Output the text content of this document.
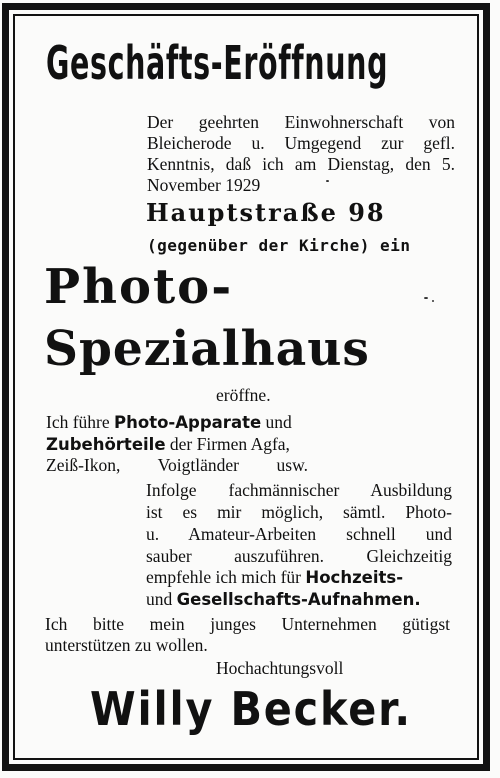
Geschäfts-Eröffnung
Der geehrten Einwohnerschaft von Bleicherode u. Umgegend zur gefl. Kenntnis, daß ich am Dienstag, den 5. November 1929
Hauptstraße 98
(gegenüber der Kirche) ein
Photo-
Spezialhaus
eröffne.
Ich führe Photo-Apparate und
Zubehörteile der Firmen Agfa,
Zeiß-Ikon, Voigtländer usw.
Infolge fachmännischer Ausbildung
ist es mir möglich, sämtl. Photo-
u. Amateur-Arbeiten schnell und
sauber auszuführen. Gleichzeitig
empfehle ich mich für Hochzeits-
und Gesellschafts-Aufnahmen.
Ich bitte mein junges Unternehmen gütigst
unterstützen zu wollen.
Hochachtungsvoll
Willy Becker.
